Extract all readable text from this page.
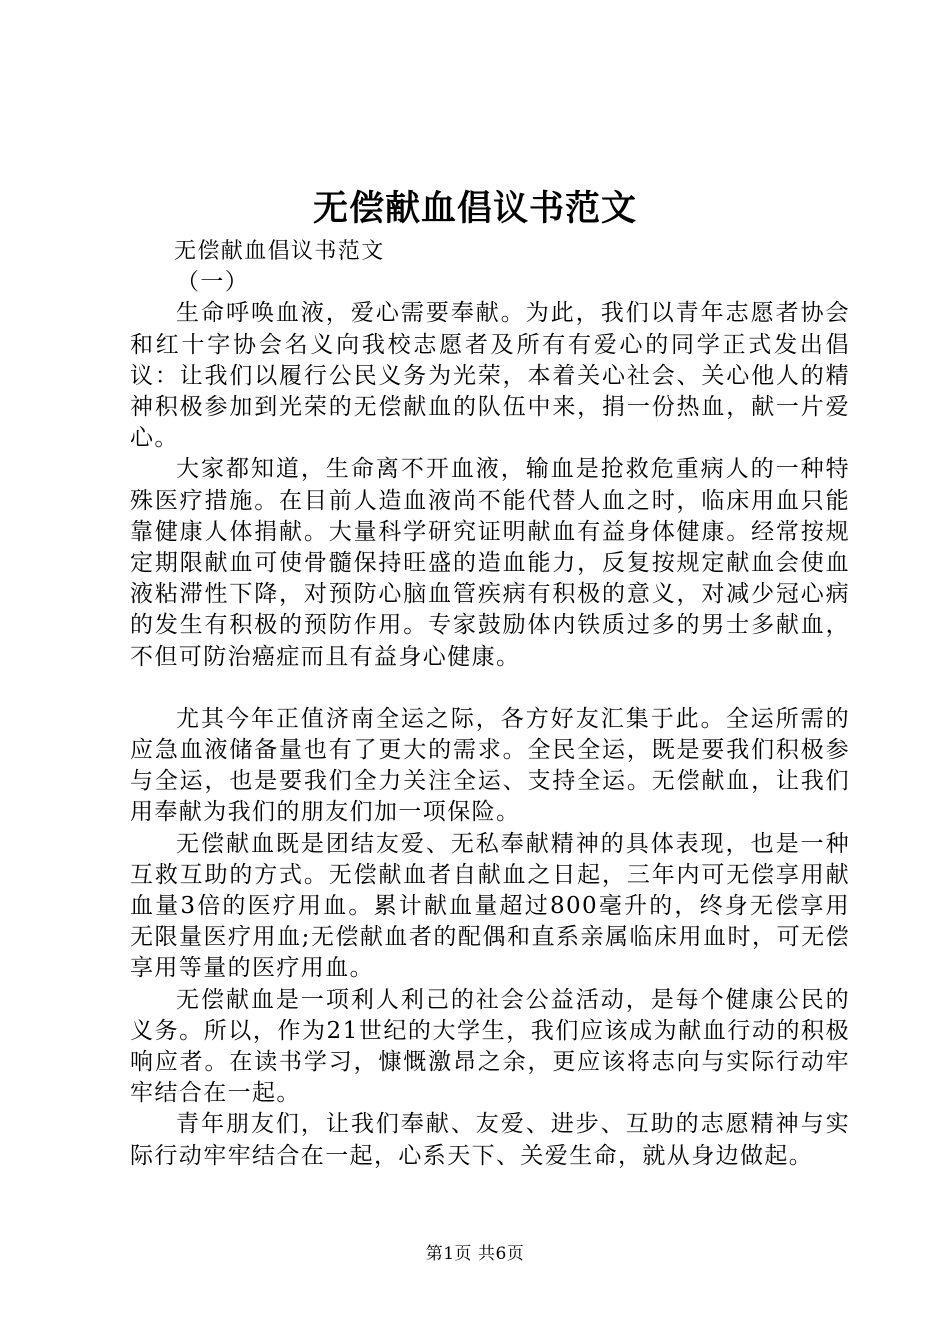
无偿献血倡议书范文

无偿献血倡议书范文

（一）

生命呼唤血液，爱心需要奉献。为此，我们以青年志愿者协会和红十字协会名义向我校志愿者及所有有爱心的同学正式发出倡议：让我们以履行公民义务为光荣，本着关心社会、关心他人的精神积极参加到光荣的无偿献血的队伍中来，捐一份热血，献一片爱心。

大家都知道，生命离不开血液，输血是抢救危重病人的一种特殊医疗措施。在目前人造血液尚不能代替人血之时，临床用血只能靠健康人体捐献。大量科学研究证明献血有益身体健康。经常按规定期限献血可使骨髓保持旺盛的造血能力，反复按规定献血会使血液粘滞性下降，对预防心脑血管疾病有积极的意义，对减少冠心病的发生有积极的预防作用。专家鼓励体内铁质过多的男士多献血，不但可防治癌症而且有益身心健康。

尤其今年正值济南全运之际，各方好友汇集于此。全运所需的应急血液储备量也有了更大的需求。全民全运，既是要我们积极参与全运，也是要我们全力关注全运、支持全运。无偿献血，让我们用奉献为我们的朋友们加一项保险。

无偿献血既是团结友爱、无私奉献精神的具体表现，也是一种互救互助的方式。无偿献血者自献血之日起，三年内可无偿享用献血量3倍的医疗用血。累计献血量超过800毫升的，终身无偿享用无限量医疗用血;无偿献血者的配偶和直系亲属临床用血时，可无偿享用等量的医疗用血。

无偿献血是一项利人利己的社会公益活动，是每个健康公民的义务。所以，作为21世纪的大学生，我们应该成为献血行动的积极响应者。在读书学习，慷慨激昂之余，更应该将志向与实际行动牢牢结合在一起。

青年朋友们，让我们奉献、友爱、进步、互助的志愿精神与实际行动牢牢结合在一起，心系天下、关爱生命，就从身边做起。

第1页 共6页
